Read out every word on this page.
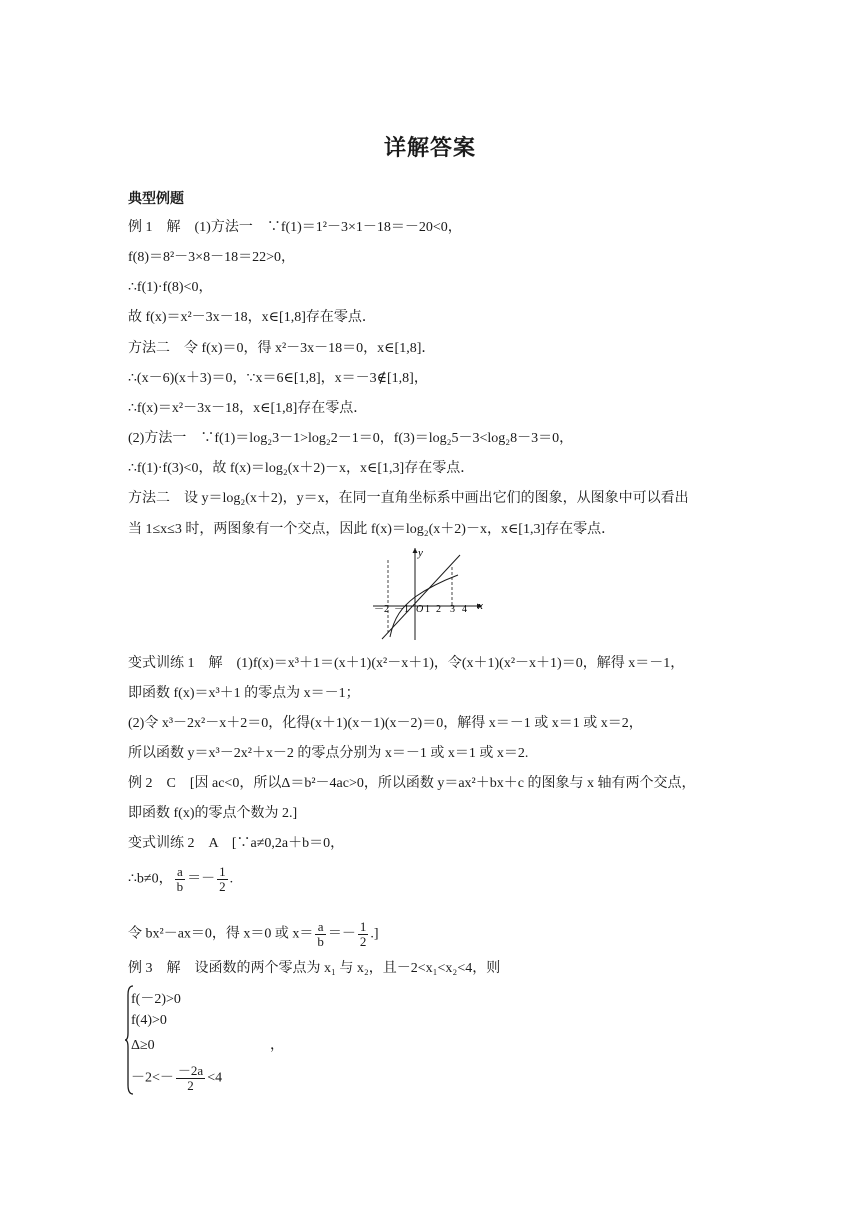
详解答案
典型例题
例 1　解　(1)方法一　∵f(1)＝1²－3×1－18＝－20<0，
f(8)＝8²－3×8－18＝22>0，
∴f(1)·f(8)<0，
故 f(x)＝x²－3x－18，x∈[1,8]存在零点．
方法二　令 f(x)＝0，得 x²－3x－18＝0，x∈[1,8]．
∴(x－6)(x＋3)＝0，∵x＝6∈[1,8]，x＝－3∉[1,8]，
∴f(x)＝x²－3x－18，x∈[1,8]存在零点．
(2)方法一　∵f(1)＝log₂3－1>log₂2－1＝0，f(3)＝log₂5－3<log₂8－3＝0，
∴f(1)·f(3)<0，故 f(x)＝log₂(x＋2)－x，x∈[1,3]存在零点．
方法二　设 y＝log₂(x＋2)，y＝x，在同一直角坐标系中画出它们的图象，从图象中可以看出
当 1≤x≤3 时，两图象有一个交点，因此 f(x)＝log₂(x＋2)－x，x∈[1,3]存在零点．
变式训练 1　解　(1)f(x)＝x³＋1＝(x＋1)(x²－x＋1)，令(x＋1)(x²－x＋1)＝0，解得 x＝－1，
即函数 f(x)＝x³＋1 的零点为 x＝－1；
(2)令 x³－2x²－x＋2＝0，化得(x＋1)(x－1)(x－2)＝0，解得 x＝－1 或 x＝1 或 x＝2，
所以函数 y＝x³－2x²＋x－2 的零点分别为 x＝－1 或 x＝1 或 x＝2.
例 2　C　[因 ac<0，所以Δ＝b²－4ac>0，所以函数 y＝ax²＋bx＋c 的图象与 x 轴有两个交点，
即函数 f(x)的零点个数为 2.]
变式训练 2　A　[∵a≠0,2a＋b＝0，
例 3　解　设函数的两个零点为 x₁ 与 x₂，且－2<x₁<x₂<4，则
∴b≠0， $\frac{a}{b} =- \frac{1}{2}$ .
令 bx²－ax＝0，得 x＝0 或 $x= \frac{a}{b} =- \frac{1}{2}$ .]
f(－2)>0
f(4)>0
Δ≥0
$-2<- \frac{-2a}{2} <4$
，
y
x
－2 －1 O 1 2 3 4
